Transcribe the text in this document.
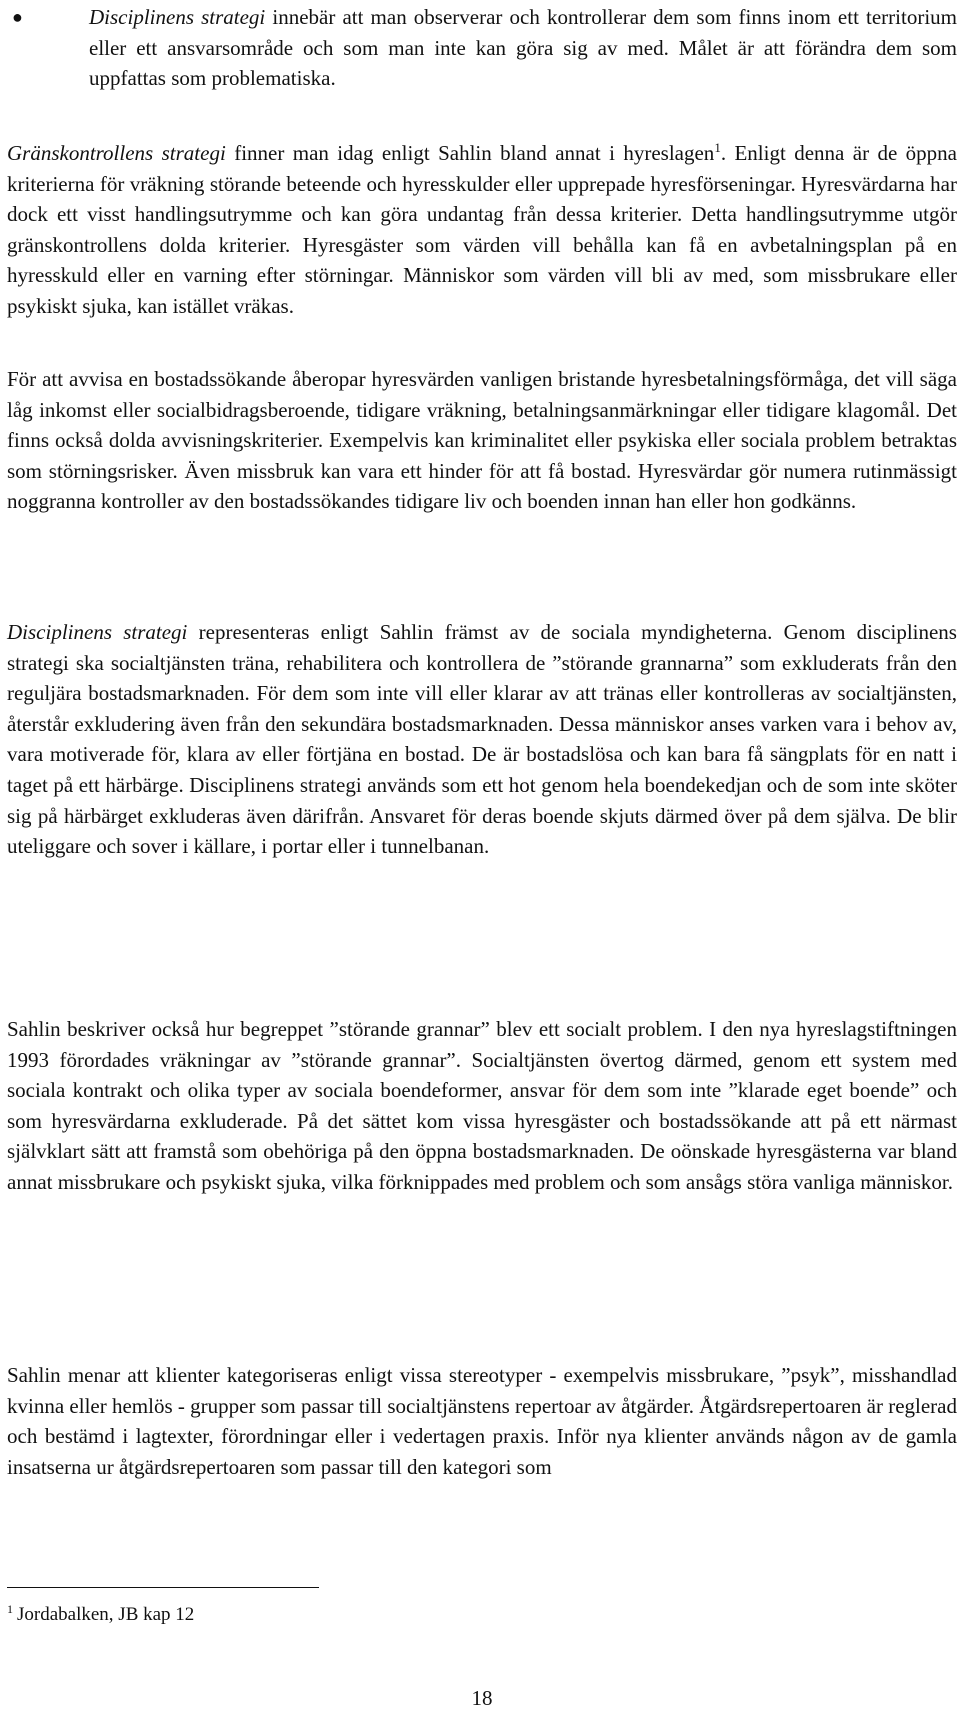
●	Disciplinens strategi innebär att man observerar och kontrollerar dem som finns inom ett territorium eller ett ansvarsområde och som man inte kan göra sig av med. Målet är att förändra dem som uppfattas som problematiska.

Gränskontrollens strategi finner man idag enligt Sahlin bland annat i hyreslagen$^1$. Enligt denna är de öppna kriterierna för vräkning störande beteende och hyresskulder eller upprepade hyresförseningar. Hyresvärdarna har dock ett visst handlingsutrymme och kan göra undantag från dessa kriterier. Detta handlingsutrymme utgör gränskontrollens dolda kriterier. Hyresgäster som värden vill behålla kan få en avbetalningsplan på en hyresskuld eller en varning efter störningar. Människor som värden vill bli av med, som missbrukare eller psykiskt sjuka, kan istället vräkas.

För att avvisa en bostadssökande åberopar hyresvärden vanligen bristande hyresbetalningsförmåga, det vill säga låg inkomst eller socialbidragsberoende, tidigare vräkning, betalningsanmärkningar eller tidigare klagomål. Det finns också dolda avvisningskriterier. Exempelvis kan kriminalitet eller psykiska eller sociala problem betraktas som störningsrisker. Även missbruk kan vara ett hinder för att få bostad. Hyresvärdar gör numera rutinmässigt noggranna kontroller av den bostadssökandes tidigare liv och boenden innan han eller hon godkänns.

Disciplinens strategi representeras enligt Sahlin främst av de sociala myndigheterna. Genom disciplinens strategi ska socialtjänsten träna, rehabilitera och kontrollera de ”störande grannarna” som exkluderats från den reguljära bostadsmarknaden. För dem som inte vill eller klarar av att tränas eller kontrolleras av socialtjänsten, återstår exkludering även från den sekundära bostadsmarknaden. Dessa människor anses varken vara i behov av, vara motiverade för, klara av eller förtjäna en bostad. De är bostadslösa och kan bara få sängplats för en natt i taget på ett härbärge. Disciplinens strategi används som ett hot genom hela boendekedjan och de som inte sköter sig på härbärget exkluderas även därifrån. Ansvaret för deras boende skjuts därmed över på dem själva. De blir uteliggare och sover i källare, i portar eller i tunnelbanan.

Sahlin beskriver också hur begreppet ”störande grannar” blev ett socialt problem. I den nya hyreslagstiftningen 1993 förordades vräkningar av ”störande grannar”. Socialtjänsten övertog därmed, genom ett system med sociala kontrakt och olika typer av sociala boendeformer, ansvar för dem som inte ”klarade eget boende” och som hyresvärdarna exkluderade. På det sättet kom vissa hyresgäster och bostadssökande att på ett närmast självklart sätt att framstå som obehöriga på den öppna bostadsmarknaden. De oönskade hyresgästerna var bland annat missbrukare och psykiskt sjuka, vilka förknippades med problem och som ansågs störa vanliga människor.

Sahlin menar att klienter kategoriseras enligt vissa stereotyper - exempelvis missbrukare, ”psyk”, misshandlad kvinna eller hemlös - grupper som passar till socialtjänstens repertoar av åtgärder. Åtgärdsrepertoaren är reglerad och bestämd i lagtexter, förordningar eller i vedertagen praxis. Inför nya klienter används någon av de gamla insatserna ur åtgärdsrepertoaren som passar till den kategori som

$^1$ Jordabalken, JB kap 12
18
